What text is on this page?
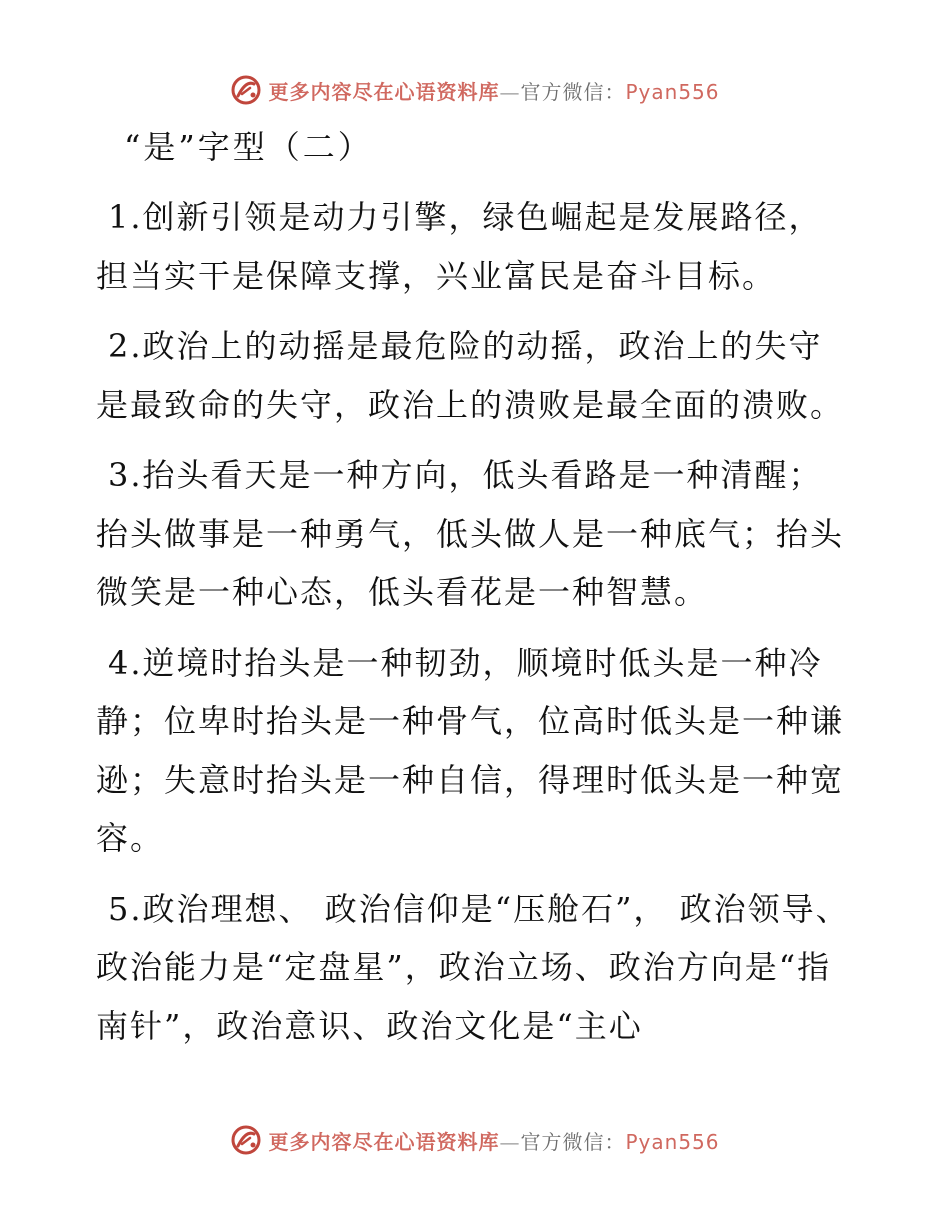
更多内容尽在心语资料库—官方微信：Pyan556
“是”字型（二）

1.创新引领是动力引擎，绿色崛起是发展路径，担当实干是保障支撑，兴业富民是奋斗目标。

2.政治上的动摇是最危险的动摇，政治上的失守是最致命的失守，政治上的溃败是最全面的溃败。

3.抬头看天是一种方向，低头看路是一种清醒；抬头做事是一种勇气，低头做人是一种底气；抬头微笑是一种心态，低头看花是一种智慧。

4.逆境时抬头是一种韧劲，顺境时低头是一种冷静；位卑时抬头是一种骨气，位高时低头是一种谦逊；失意时抬头是一种自信，得理时低头是一种宽容。

5.政治理想、 政治信仰是“压舱石”， 政治领导、政治能力是“定盘星”，政治立场、政治方向是“指南针”，政治意识、政治文化是“主心

更多内容尽在心语资料库—官方微信：Pyan556
